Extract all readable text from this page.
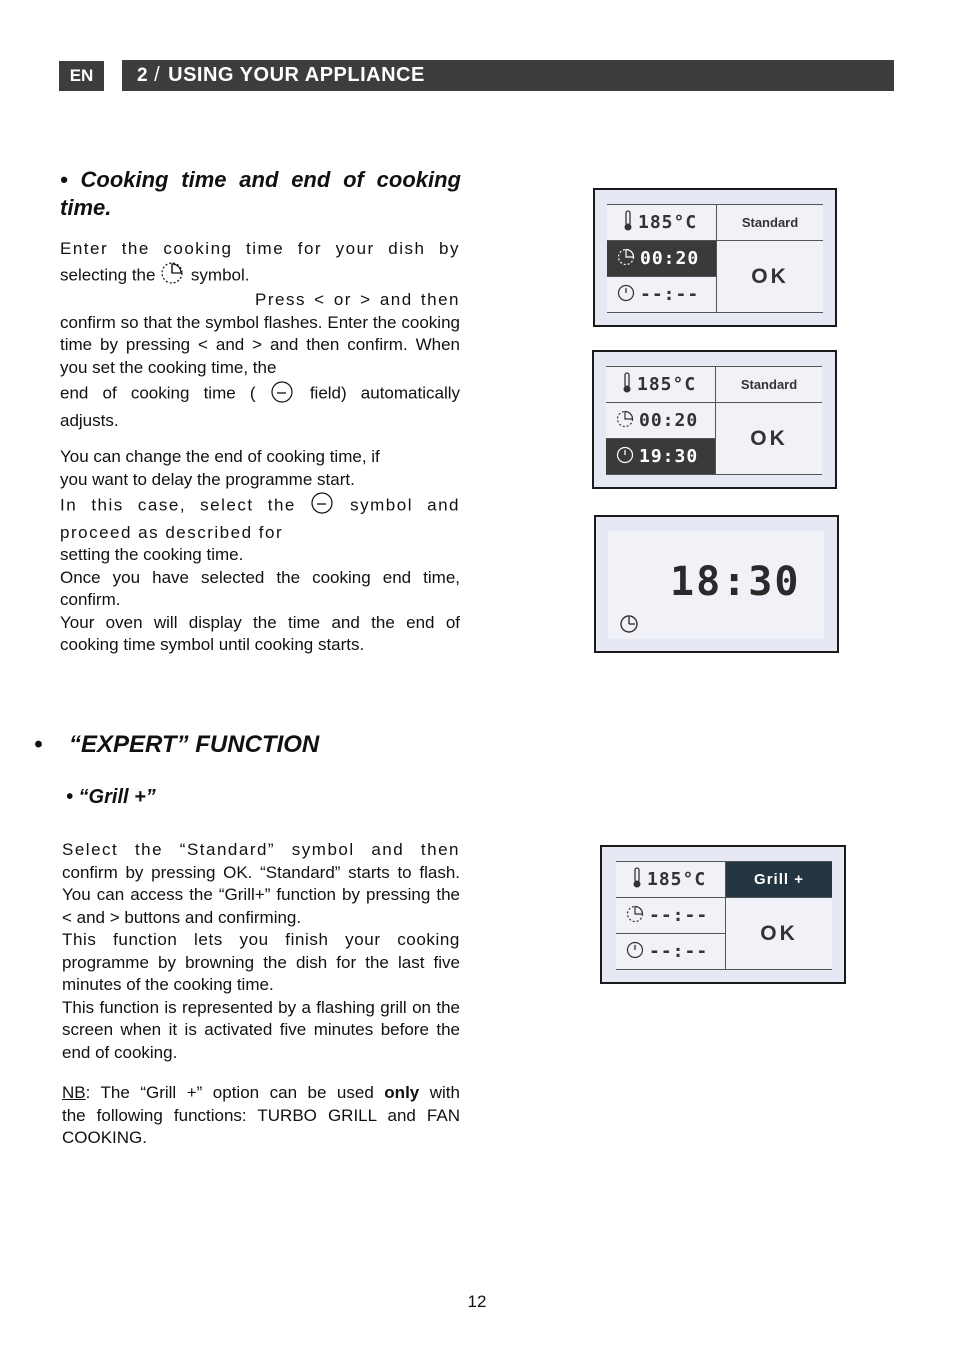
EN	2 / USING YOUR APPLIANCE
• Cooking time and end of cooking
time.
Enter the cooking time for your dish by
selecting the symbol.
Press < or > and then
confirm so that the symbol flashes. Enter the cooking time by pressing < and > and then confirm. When you set the cooking time, the
end of cooking time (	field) automatically
adjusts.
You can change the end of cooking time, if
you want to delay the programme start.
In this case, select the	symbol and
proceed as described for
setting the cooking time.
Once you have selected the cooking end time, confirm.
Your oven will display the time and the end of cooking time symbol until cooking starts.
185°C
00:20
--:--
Standard
OK
185°C
00:20
19:30
Standard
OK
18:30
• “EXPERT” FUNCTION
• “Grill +”
Select the “Standard” symbol and then
confirm by pressing OK. “Standard” starts to flash. You can access the “Grill+” function by pressing the < and > buttons and confirming.
This function lets you finish your cooking
programme by browning the dish for the last five minutes of the cooking time.
This function is represented by a flashing grill on the screen when it is activated five minutes before the end of cooking.
NB: The “Grill +” option can be used only with
the following functions: TURBO GRILL and FAN COOKING.
185°C
--:--
--:--
Grill +
OK
12
